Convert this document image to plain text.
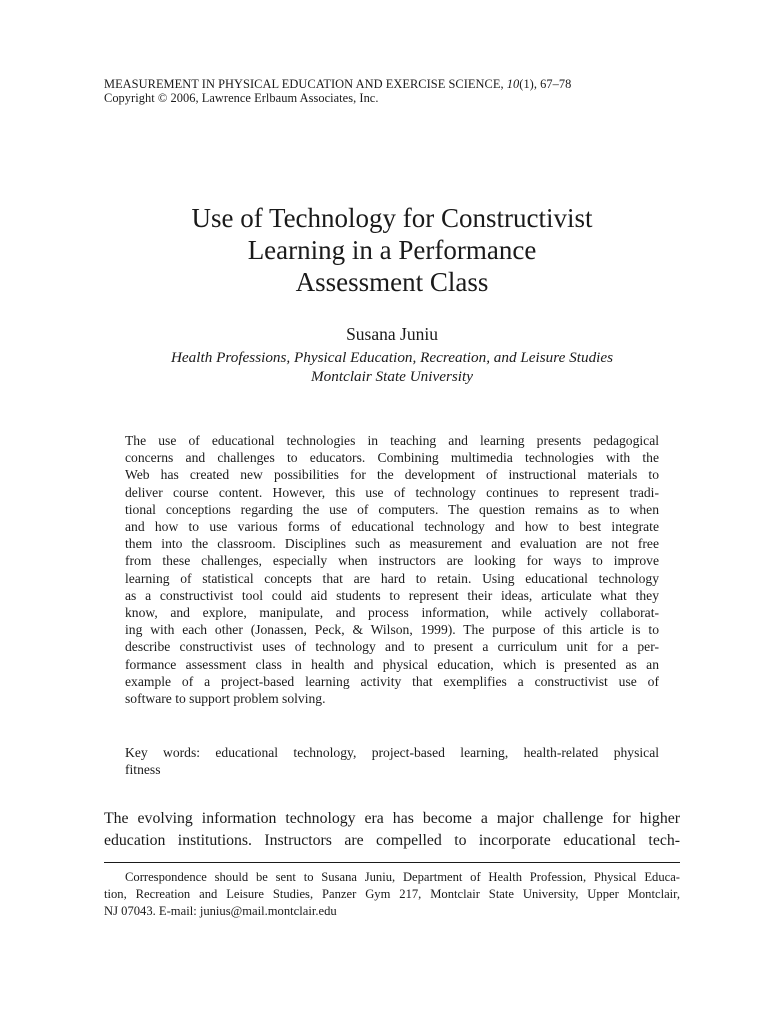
MEASUREMENT IN PHYSICAL EDUCATION AND EXERCISE SCIENCE, 10(1), 67–78
Copyright © 2006, Lawrence Erlbaum Associates, Inc.
Use of Technology for Constructivist
Learning in a Performance
Assessment Class
Susana Juniu
Health Professions, Physical Education, Recreation, and Leisure Studies
Montclair State University
The use of educational technologies in teaching and learning presents pedagogical
concerns and challenges to educators. Combining multimedia technologies with the
Web has created new possibilities for the development of instructional materials to
deliver course content. However, this use of technology continues to represent tradi-
tional conceptions regarding the use of computers. The question remains as to when
and how to use various forms of educational technology and how to best integrate
them into the classroom. Disciplines such as measurement and evaluation are not free
from these challenges, especially when instructors are looking for ways to improve
learning of statistical concepts that are hard to retain. Using educational technology
as a constructivist tool could aid students to represent their ideas, articulate what they
know, and explore, manipulate, and process information, while actively collaborat-
ing with each other (Jonassen, Peck, & Wilson, 1999). The purpose of this article is to
describe constructivist uses of technology and to present a curriculum unit for a per-
formance assessment class in health and physical education, which is presented as an
example of a project-based learning activity that exemplifies a constructivist use of
software to support problem solving.
Key words: educational technology, project-based learning, health-related physical
fitness
The evolving information technology era has become a major challenge for higher
education institutions. Instructors are compelled to incorporate educational tech-
Correspondence should be sent to Susana Juniu, Department of Health Profession, Physical Educa-
tion, Recreation and Leisure Studies, Panzer Gym 217, Montclair State University, Upper Montclair,
NJ 07043. E-mail: junius@mail.montclair.edu
